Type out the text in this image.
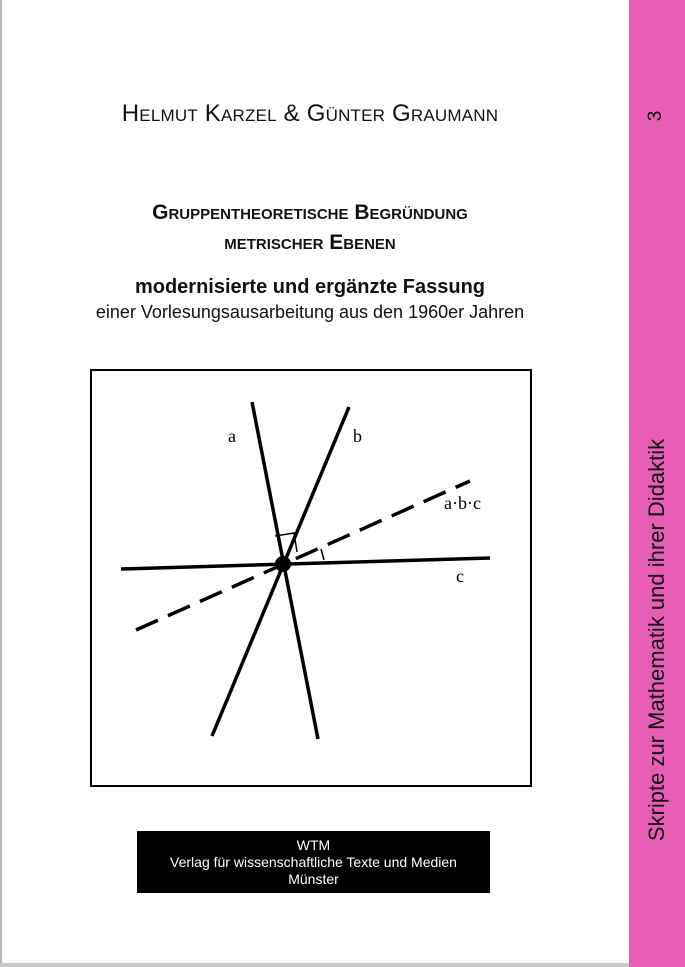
Helmut Karzel & Günter Graumann
Gruppentheoretische Begründung
metrischer Ebenen
modernisierte und ergänzte Fassung
einer Vorlesungsausarbeitung aus den 1960er Jahren
a	b
a·b·c
c
WTM
Verlag für wissenschaftliche Texte und Medien
Münster
3
Skripte zur Mathematik und ihrer Didaktik
